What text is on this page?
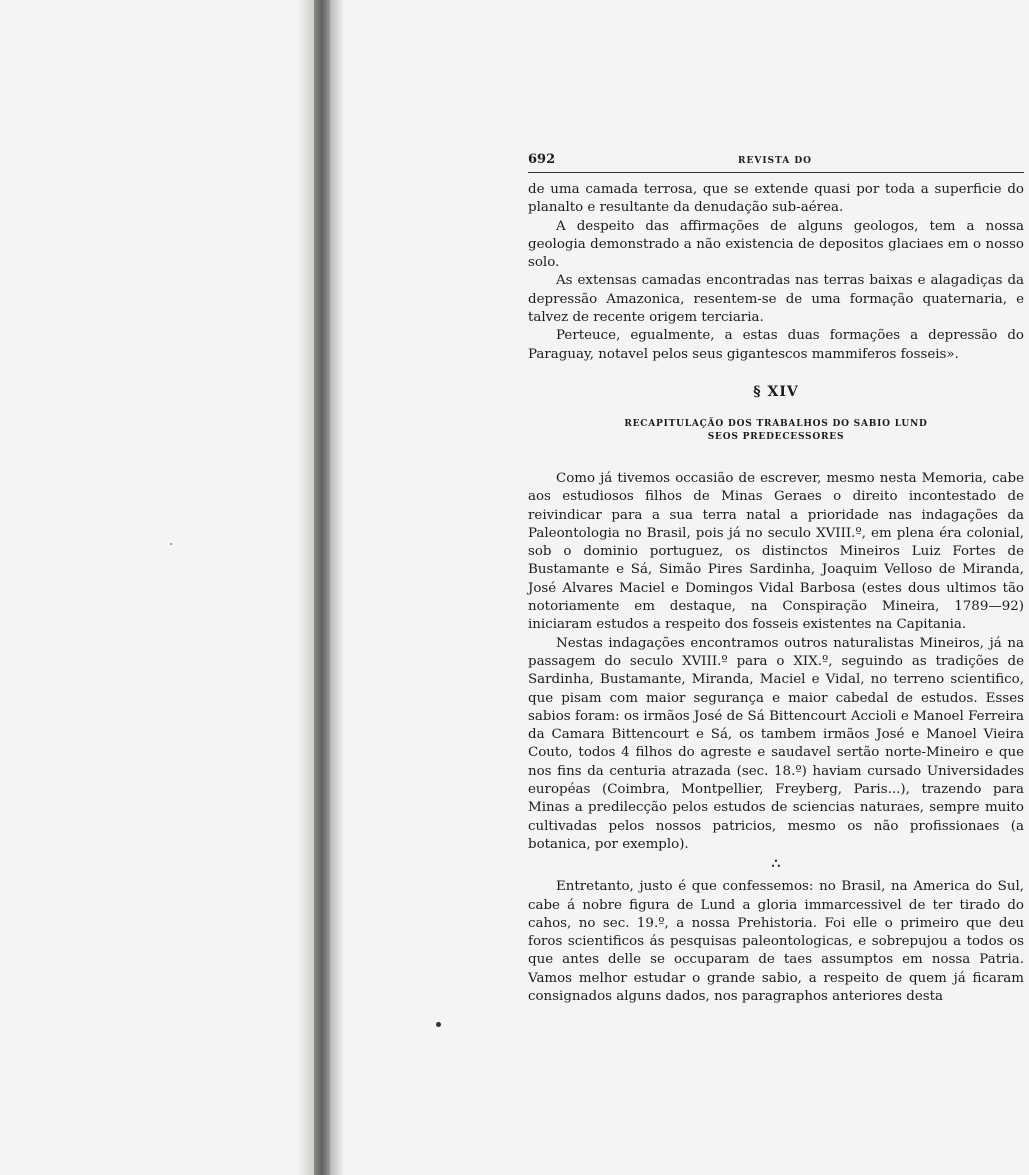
692	REVISTA DO

de uma camada terrosa, que se extende quasi por toda a superficie do planalto e resultante da denudação sub-aérea.

A despeito das affirmações de alguns geologos, tem a nossa geologia demonstrado a não existencia de depositos glaciaes em o nosso solo.

As extensas camadas encontradas nas terras baixas e alagadiças da depressão Amazonica, resentem-se de uma formação quaternaria, e talvez de recente origem terciaria.

Perteuce, egualmente, a estas duas formações a depressão do Paraguay, notavel pelos seus gigantescos mammiferos fosseis».

§ XIV
RECAPITULAÇÃO DOS TRABALHOS DO SABIO LUND
SEOS PREDECESSORES

Como já tivemos occasião de escrever, mesmo nesta Memoria, cabe aos estudiosos filhos de Minas Geraes o direito incontestado de reivindicar para a sua terra natal a prioridade nas indagações da Paleontologia no Brasil, pois já no seculo XVIII.º, em plena éra colonial, sob o dominio portuguez, os distinctos Mineiros Luiz Fortes de Bustamante e Sá, Simão Pires Sardinha, Joaquim Velloso de Miranda, José Alvares Maciel e Domingos Vidal Barbosa (estes dous ultimos tão notoriamente em destaque, na Conspiração Mineira, 1789—92) iniciaram estudos a respeito dos fosseis existentes na Capitania.

Nestas indagações encontramos outros naturalistas Mineiros, já na passagem do seculo XVIII.º para o XIX.º, seguindo as tradições de Sardinha, Bustamante, Miranda, Maciel e Vidal, no terreno scientifico, que pisam com maior segurança e maior cabedal de estudos. Esses sabios foram: os irmãos José de Sá Bittencourt Accioli e Manoel Ferreira da Camara Bittencourt e Sá, os tambem irmãos José e Manoel Vieira Couto, todos 4 filhos do agreste e saudavel sertão norte-Mineiro e que nos fins da centuria atrazada (sec. 18.º) haviam cursado Universidades européas (Coimbra, Montpellier, Freyberg, Paris...), trazendo para Minas a predilecção pelos estudos de sciencias naturaes, sempre muito cultivadas pelos nossos patricios, mesmo os não profissionaes (a botanica, por exemplo).

∴

Entretanto, justo é que confessemos: no Brasil, na America do Sul, cabe á nobre figura de Lund a gloria immarcessivel de ter tirado do cahos, no sec. 19.º, a nossa Prehistoria. Foi elle o primeiro que deu foros scientificos ás pesquisas paleontologicas, e sobrepujou a todos os que antes delle se occuparam de taes assumptos em nossa Patria. Vamos melhor estudar o grande sabio, a respeito de quem já ficaram consignados alguns dados, nos paragraphos anteriores desta
